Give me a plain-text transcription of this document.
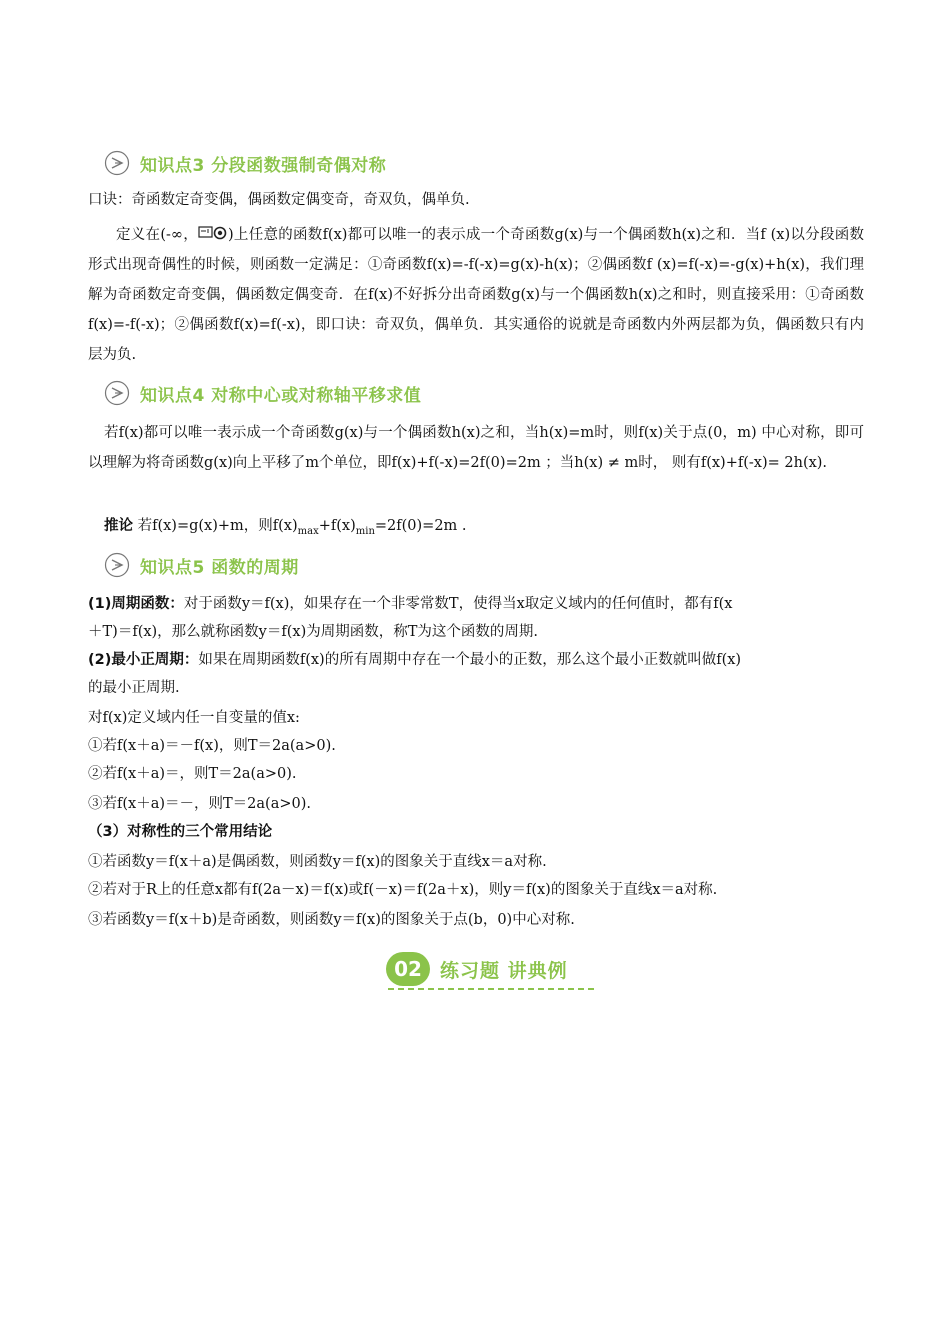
知识点3 分段函数强制奇偶对称
口诀：奇函数定奇变偶，偶函数定偶变奇，奇双负，偶单负.
定义在(-∞， )上任意的函数f(x)都可以唯一的表示成一个奇函数g(x)与一个偶函数h(x)之和．当f (x)以分段函数形式出现奇偶性的时候，则函数一定满足：①奇函数f(x)=-f(-x)=g(x)-h(x)；②偶函数f (x)=f(-x)=-g(x)+h(x)，我们理解为奇函数定奇变偶，偶函数定偶变奇．在f(x)不好拆分出奇函数g(x)与一个偶函数h(x)之和时，则直接采用：①奇函数f(x)=-f(-x)；②偶函数f(x)=f(-x)，即口诀：奇双负，偶单负．其实通俗的说就是奇函数内外两层都为负，偶函数只有内层为负.
知识点4 对称中心或对称轴平移求值
若f(x)都可以唯一表示成一个奇函数g(x)与一个偶函数h(x)之和，当h(x)=m时，则f(x)关于点(0，m) 中心对称，即可以理解为将奇函数g(x)向上平移了m个单位，即f(x)+f(-x)=2f(0)=2m ；当h(x) ≠ m时， 则有f(x)+f(-x)= 2h(x).
推论 若f(x)=g(x)+m，则$f(x)_{max}+f(x)_{min}=2f(0)=2m$ .
知识点5 函数的周期
(1)周期函数：对于函数y＝f(x)，如果存在一个非零常数T，使得当x取定义域内的任何值时，都有f(x
＋T)＝f(x)，那么就称函数y＝f(x)为周期函数，称T为这个函数的周期.
(2)最小正周期：如果在周期函数f(x)的所有周期中存在一个最小的正数，那么这个最小正数就叫做f(x)
的最小正周期.
对f(x)定义域内任一自变量的值x:
①若f(x＋a)＝－f(x)，则T＝2a(a>0).
②若f(x＋a)＝，则T＝2a(a>0).
③若f(x＋a)＝－，则T＝2a(a>0).
（3）对称性的三个常用结论
①若函数y＝f(x＋a)是偶函数，则函数y＝f(x)的图象关于直线x＝a对称.
②若对于R上的任意x都有f(2a－x)＝f(x)或f(－x)＝f(2a＋x)，则y＝f(x)的图象关于直线x＝a对称.
③若函数y＝f(x＋b)是奇函数，则函数y＝f(x)的图象关于点(b，0)中心对称.
02 练习题 讲典例
